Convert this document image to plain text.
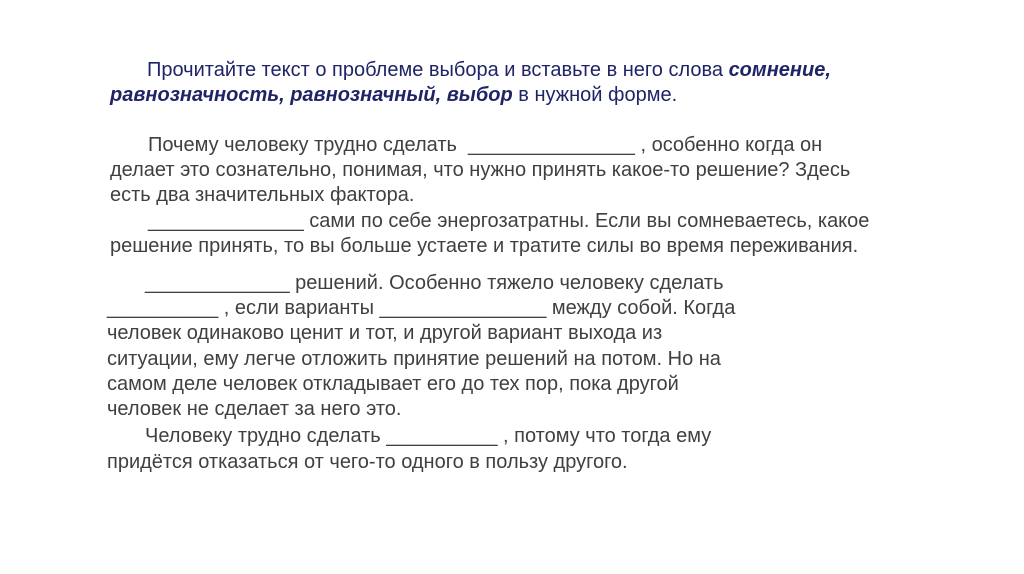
Прочитайте текст о проблеме выбора и вставьте в него слова сомнение,
равнозначность, равнозначный, выбор в нужной форме.
Почему человеку трудно сделать  _______________ , особенно когда он
делает это сознательно, понимая, что нужно принять какое-то решение? Здесь
есть два значительных фактора.
______________ сами по себе энергозатратны. Если вы сомневаетесь, какое
решение принять, то вы больше устаете и тратите силы во время переживания.
_____________ решений. Особенно тяжело человеку сделать
__________ , если варианты _______________ между собой. Когда
человек одинаково ценит и тот, и другой вариант выхода из
ситуации, ему легче отложить принятие решений на потом. Но на
самом деле человек откладывает его до тех пор, пока другой
человек не сделает за него это.
Человеку трудно сделать __________ , потому что тогда ему
придётся отказаться от чего-то одного в пользу другого.
